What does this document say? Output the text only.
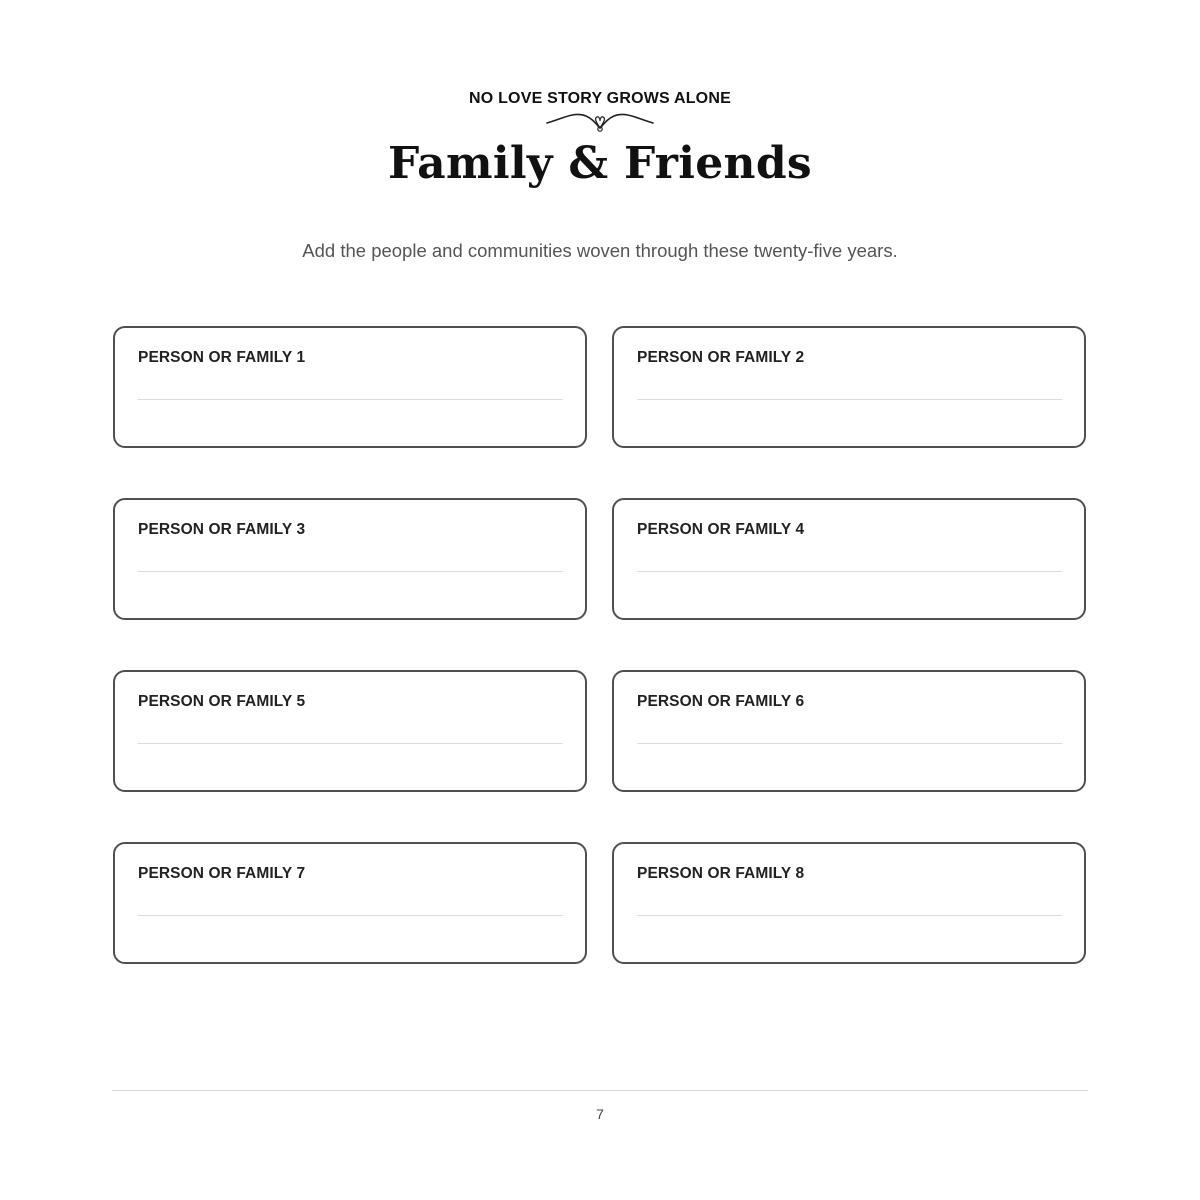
NO LOVE STORY GROWS ALONE
Family & Friends
Add the people and communities woven through these twenty-five years.
PERSON OR FAMILY 1	PERSON OR FAMILY 2
PERSON OR FAMILY 3	PERSON OR FAMILY 4
PERSON OR FAMILY 5	PERSON OR FAMILY 6
PERSON OR FAMILY 7	PERSON OR FAMILY 8
7
